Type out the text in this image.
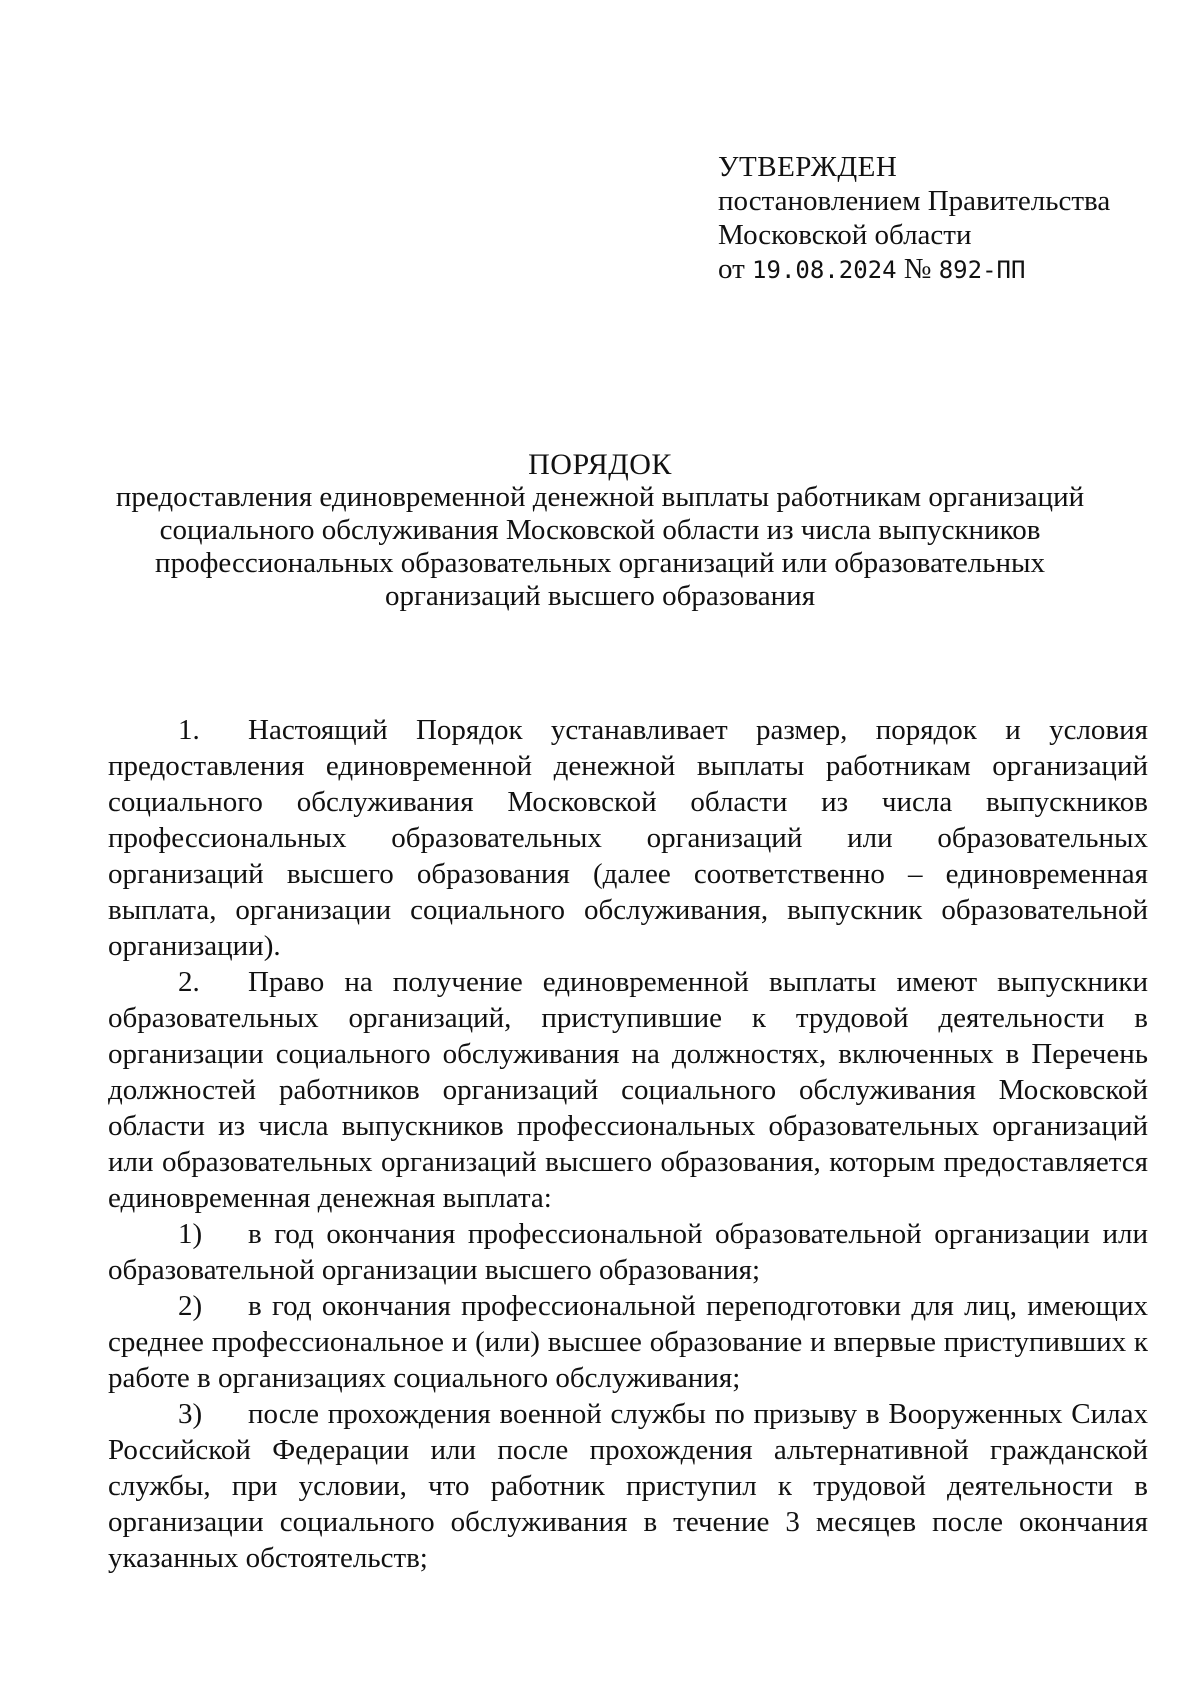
УТВЕРЖДЕН
постановлением Правительства
Московской области
от 19.08.2024 № 892-ПП
ПОРЯДОК
предоставления единовременной денежной выплаты работникам организаций социального обслуживания Московской области из числа выпускников профессиональных образовательных организаций или образовательных организаций высшего образования

1. Настоящий Порядок устанавливает размер, порядок и условия предоставления единовременной денежной выплаты работникам организаций социального обслуживания Московской области из числа выпускников профессиональных образовательных организаций или образовательных организаций высшего образования (далее соответственно – единовременная выплата, организации социального обслуживания, выпускник образовательной организации).

2. Право на получение единовременной выплаты имеют выпускники образовательных организаций, приступившие к трудовой деятельности в организации социального обслуживания на должностях, включенных в Перечень должностей работников организаций социального обслуживания Московской области из числа выпускников профессиональных образовательных организаций или образовательных организаций высшего образования, которым предоставляется единовременная денежная выплата:

1) в год окончания профессиональной образовательной организации или образовательной организации высшего образования;

2) в год окончания профессиональной переподготовки для лиц, имеющих среднее профессиональное и (или) высшее образование и впервые приступивших к работе в организациях социального обслуживания;

3) после прохождения военной службы по призыву в Вооруженных Силах Российской Федерации или после прохождения альтернативной гражданской службы, при условии, что работник приступил к трудовой деятельности в организации социального обслуживания в течение 3 месяцев после окончания указанных обстоятельств;
